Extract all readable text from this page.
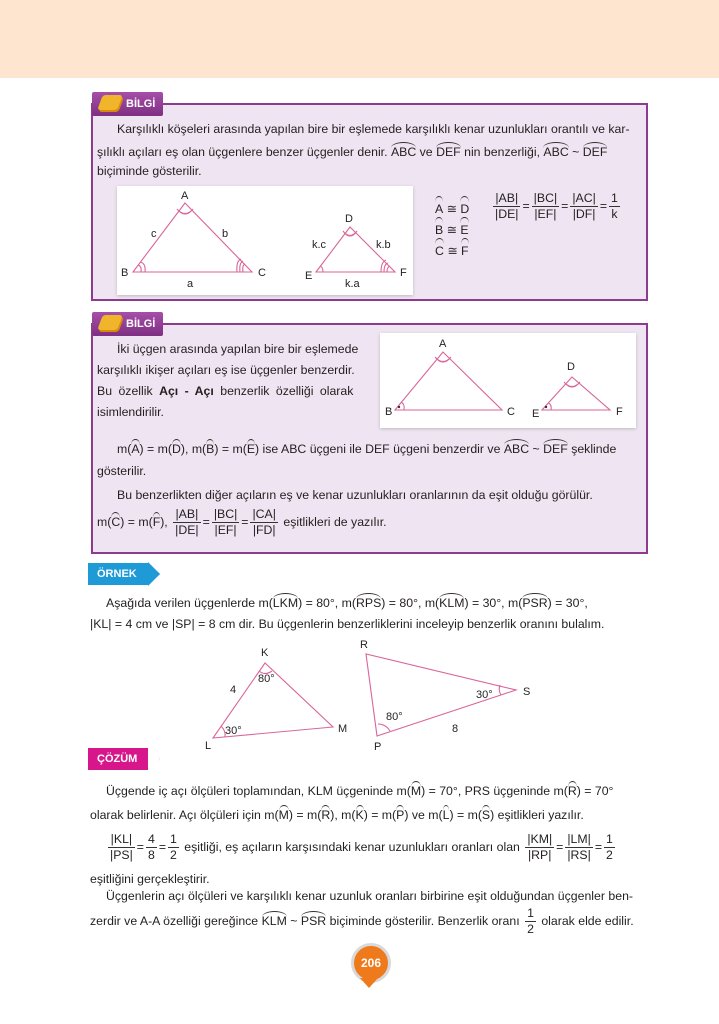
BİLGİ
Karşılıklı köşeleri arasında yapılan bire bir eşlemede karşılıklı kenar uzunlukları orantılı ve kar-
şılıklı açıları eş olan üçgenlere benzer üçgenler denir. ABC ve DEF nin benzerliği, ABC ~ DEF
biçiminde gösterilir.
A
c	b
B	C
a
D
k.c	k.b
E	F
k.a
A ≅ D
B ≅ E
C ≅ F
$\frac{|AB|}{|DE|} = \frac{|BC|}{|EF|} = \frac{|AC|}{|DF|} = \frac{1}{k}$
BİLGİ
İki üçgen arasında yapılan bire bir eşlemede
karşılıklı ikişer açıları eş ise üçgenler benzerdir.
Bu özellik Açı - Açı benzerlik özelliği olarak
isimlendirilir.
A
B	C
D
E	F
m(A) = m(D), m(B) = m(E) ise ABC üçgeni ile DEF üçgeni benzerdir ve ABC ~ DEF şeklinde
gösterilir.
Bu benzerlikten diğer açıların eş ve kenar uzunlukları oranlarının da eşit olduğu görülür.
m(C) = m(F), $\frac{|AB|}{|DE|} = \frac{|BC|}{|EF|} = \frac{|CA|}{|FD|}$ eşitlikleri de yazılır.
ÖRNEK
Aşağıda verilen üçgenlerde m(LKM) = 80°, m(RPS) = 80°, m(KLM) = 30°, m(PSR) = 30°,
|KL| = 4 cm ve |SP| = 8 cm dir. Bu üçgenlerin benzerliklerini inceleyip benzerlik oranını bulalım.
K
L
M
R
P
S
4
80°
30°
30°
80°
8
ÇÖZÜM
Üçgende iç açı ölçüleri toplamından, KLM üçgeninde m(M) = 70°, PRS üçgeninde m(R) = 70°
olarak belirlenir. Açı ölçüleri için m(M) = m(R), m(K) = m(P) ve m(L) = m(S) eşitlikleri yazılır.
$\frac{|KL|}{|PS|} = \frac{4}{8} = \frac{1}{2}$ eşitliği, eş açıların karşısındaki kenar uzunlukları oranları olan $\frac{|KM|}{|RP|} = \frac{|LM|}{|RS|} = \frac{1}{2}$
eşitliğini gerçekleştirir.
Üçgenlerin açı ölçüleri ve karşılıklı kenar uzunluk oranları birbirine eşit olduğundan üçgenler ben-
zerdir ve A-A özelliği gereğince KLM ~ PSR biçiminde gösterilir. Benzerlik oranı $\frac{1}{2}$ olarak elde edilir.
206
